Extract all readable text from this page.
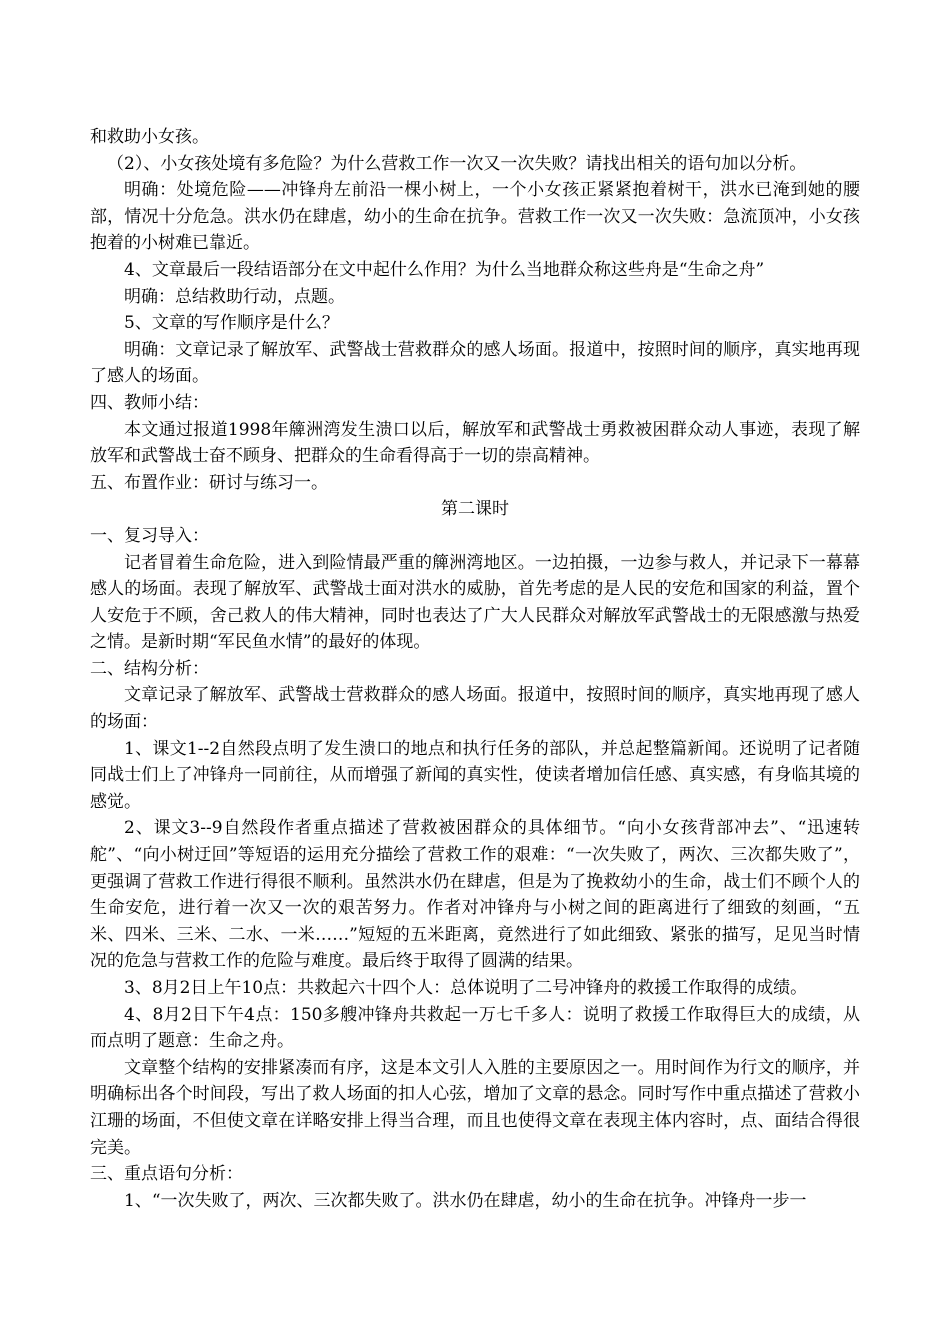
和救助小女孩。

（2）、小女孩处境有多危险？为什么营救工作一次又一次失败？请找出相关的语句加以分析。

明确：处境危险——冲锋舟左前沿一棵小树上，一个小女孩正紧紧抱着树干，洪水已淹到她的腰部，情况十分危急。洪水仍在肆虐，幼小的生命在抗争。营救工作一次又一次失败：急流顶冲，小女孩抱着的小树难已靠近。

4、文章最后一段结语部分在文中起什么作用？为什么当地群众称这些舟是“生命之舟”

明确：总结救助行动，点题。

5、文章的写作顺序是什么？

明确：文章记录了解放军、武警战士营救群众的感人场面。报道中，按照时间的顺序，真实地再现了感人的场面。

四、教师小结：

本文通过报道1998年簰洲湾发生溃口以后，解放军和武警战士勇救被困群众动人事迹，表现了解放军和武警战士奋不顾身、把群众的生命看得高于一切的崇高精神。

五、布置作业：研讨与练习一。

第二课时

一、复习导入：

记者冒着生命危险，进入到险情最严重的簰洲湾地区。一边拍摄，一边参与救人，并记录下一幕幕感人的场面。表现了解放军、武警战士面对洪水的威胁，首先考虑的是人民的安危和国家的利益，置个人安危于不顾，舍己救人的伟大精神，同时也表达了广大人民群众对解放军武警战士的无限感激与热爱之情。是新时期“军民鱼水情”的最好的体现。

二、结构分析：

文章记录了解放军、武警战士营救群众的感人场面。报道中，按照时间的顺序，真实地再现了感人的场面：

1、课文1--2自然段点明了发生溃口的地点和执行任务的部队，并总起整篇新闻。还说明了记者随同战士们上了冲锋舟一同前往，从而增强了新闻的真实性，使读者增加信任感、真实感，有身临其境的感觉。

2、课文3--9自然段作者重点描述了营救被困群众的具体细节。“向小女孩背部冲去”、“迅速转舵”、“向小树迂回”等短语的运用充分描绘了营救工作的艰难：“一次失败了，两次、三次都失败了”，更强调了营救工作进行得很不顺利。虽然洪水仍在肆虐，但是为了挽救幼小的生命，战士们不顾个人的生命安危，进行着一次又一次的艰苦努力。作者对冲锋舟与小树之间的距离进行了细致的刻画，“五米、四米、三米、二水、一米……”短短的五米距离，竟然进行了如此细致、紧张的描写，足见当时情况的危急与营救工作的危险与难度。最后终于取得了圆满的结果。

3、8月2日上午10点：共救起六十四个人：总体说明了二号冲锋舟的救援工作取得的成绩。

4、8月2日下午4点：150多艘冲锋舟共救起一万七千多人：说明了救援工作取得巨大的成绩，从而点明了题意：生命之舟。

文章整个结构的安排紧凑而有序，这是本文引人入胜的主要原因之一。用时间作为行文的顺序，并明确标出各个时间段，写出了救人场面的扣人心弦，增加了文章的悬念。同时写作中重点描述了营救小江珊的场面，不但使文章在详略安排上得当合理，而且也使得文章在表现主体内容时，点、面结合得很完美。

三、重点语句分析：

1、“一次失败了，两次、三次都失败了。洪水仍在肆虐，幼小的生命在抗争。冲锋舟一步一
